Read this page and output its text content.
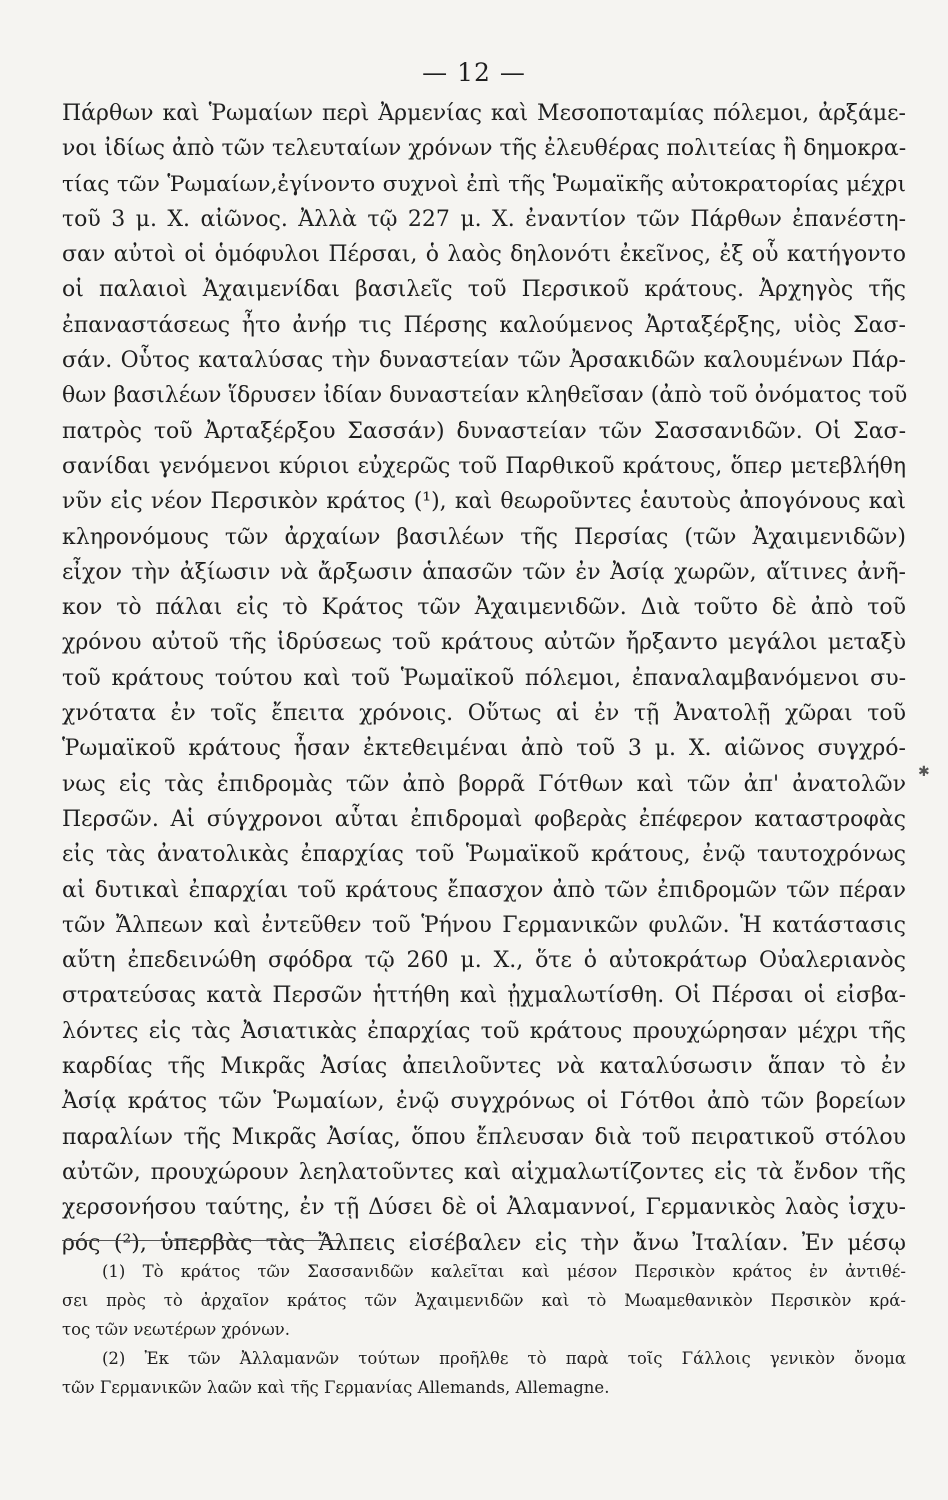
— 12 —
Πάρθων καὶ Ῥωμαίων περὶ Ἀρμενίας καὶ Μεσοποταμίας πόλεμοι, ἀρξάμε-
νοι ἰδίως ἀπὸ τῶν τελευταίων χρόνων τῆς ἐλευθέρας πολιτείας ἢ δημοκρα-
τίας τῶν Ῥωμαίων,ἐγίνοντο συχνοὶ ἐπὶ τῆς Ῥωμαϊκῆς αὐτοκρατορίας μέχρι
τοῦ 3 μ. Χ. αἰῶνος. Ἀλλὰ τῷ 227 μ. Χ. ἐναντίον τῶν Πάρθων ἐπανέστη-
σαν αὐτοὶ οἱ ὁμόφυλοι Πέρσαι, ὁ λαὸς δηλονότι ἐκεῖνος, ἐξ οὗ κατήγοντο
οἱ παλαιοὶ Ἀχαιμενίδαι βασιλεῖς τοῦ Περσικοῦ κράτους. Ἀρχηγὸς τῆς
ἐπαναστάσεως ἦτο ἀνήρ τις Πέρσης καλούμενος Ἀρταξέρξης, υἱὸς Σασ-
σάν. Οὗτος καταλύσας τὴν δυναστείαν τῶν Ἀρσακιδῶν καλουμένων Πάρ-
θων βασιλέων ἵδρυσεν ἰδίαν δυναστείαν κληθεῖσαν (ἀπὸ τοῦ ὀνόματος τοῦ
πατρὸς τοῦ Ἀρταξέρξου Σασσάν) δυναστείαν τῶν Σασσανιδῶν. Οἱ Σασ-
σανίδαι γενόμενοι κύριοι εὐχερῶς τοῦ Παρθικοῦ κράτους, ὅπερ μετεβλήθη
νῦν εἰς νέον Περσικὸν κράτος (¹), καὶ θεωροῦντες ἑαυτοὺς ἀπογόνους καὶ
κληρονόμους τῶν ἀρχαίων βασιλέων τῆς Περσίας (τῶν Ἀχαιμενιδῶν)
εἶχον τὴν ἀξίωσιν νὰ ἄρξωσιν ἁπασῶν τῶν ἐν Ἀσίᾳ χωρῶν, αἵτινες ἀνῆ-
κον τὸ πάλαι εἰς τὸ Κράτος τῶν Ἀχαιμενιδῶν. Διὰ τοῦτο δὲ ἀπὸ τοῦ
χρόνου αὐτοῦ τῆς ἱδρύσεως τοῦ κράτους αὐτῶν ἤρξαντο μεγάλοι μεταξὺ
τοῦ κράτους τούτου καὶ τοῦ Ῥωμαϊκοῦ πόλεμοι, ἐπαναλαμβανόμενοι συ-
χνότατα ἐν τοῖς ἔπειτα χρόνοις. Οὕτως αἱ ἐν τῇ Ἀνατολῇ χῶραι τοῦ
Ῥωμαϊκοῦ κράτους ἦσαν ἐκτεθειμέναι ἀπὸ τοῦ 3 μ. Χ. αἰῶνος συγχρό-
νως εἰς τὰς ἐπιδρομὰς τῶν ἀπὸ βορρᾶ Γότθων καὶ τῶν ἀπ' ἀνατολῶν
Περσῶν. Αἱ σύγχρονοι αὗται ἐπιδρομαὶ φοβερὰς ἐπέφερον καταστροφὰς
εἰς τὰς ἀνατολικὰς ἐπαρχίας τοῦ Ῥωμαϊκοῦ κράτους, ἐνῷ ταυτοχρόνως
αἱ δυτικαὶ ἐπαρχίαι τοῦ κράτους ἔπασχον ἀπὸ τῶν ἐπιδρομῶν τῶν πέραν
τῶν Ἄλπεων καὶ ἐντεῦθεν τοῦ Ῥήνου Γερμανικῶν φυλῶν. Ἡ κατάστασις
αὕτη ἐπεδεινώθη σφόδρα τῷ 260 μ. Χ., ὅτε ὁ αὐτοκράτωρ Οὐαλεριανὸς
στρατεύσας κατὰ Περσῶν ἡττήθη καὶ ᾐχμαλωτίσθη. Οἱ Πέρσαι οἱ εἰσβα-
λόντες εἰς τὰς Ἀσιατικὰς ἐπαρχίας τοῦ κράτους προυχώρησαν μέχρι τῆς
καρδίας τῆς Μικρᾶς Ἀσίας ἀπειλοῦντες νὰ καταλύσωσιν ἅπαν τὸ ἐν
Ἀσίᾳ κράτος τῶν Ῥωμαίων, ἐνῷ συγχρόνως οἱ Γότθοι ἀπὸ τῶν βορείων
παραλίων τῆς Μικρᾶς Ἀσίας, ὅπου ἔπλευσαν διὰ τοῦ πειρατικοῦ στόλου
αὐτῶν, προυχώρουν λεηλατοῦντες καὶ αἰχμαλωτίζοντες εἰς τὰ ἔνδον τῆς
χερσονήσου ταύτης, ἐν τῇ Δύσει δὲ οἱ Ἀλαμαννοί, Γερμανικὸς λαὸς ἰσχυ-
ρός (²), ὑπερβὰς τὰς Ἄλπεις εἰσέβαλεν εἰς τὴν ἄνω Ἰταλίαν. Ἐν μέσῳ
(1) Τὸ κράτος τῶν Σασσανιδῶν καλεῖται καὶ μέσον Περσικὸν κράτος ἐν ἀντιθέ-
σει πρὸς τὸ ἀρχαῖον κράτος τῶν Ἀχαιμενιδῶν καὶ τὸ Μωαμεθανικὸν Περσικὸν κρά-
τος τῶν νεωτέρων χρόνων.
(2) Ἐκ τῶν Ἀλλαμανῶν τούτων προῆλθε τὸ παρὰ τοῖς Γάλλοις γενικὸν ὄνομα
τῶν Γερμανικῶν λαῶν καὶ τῆς Γερμανίας Allemands, Allemagne.
✱
